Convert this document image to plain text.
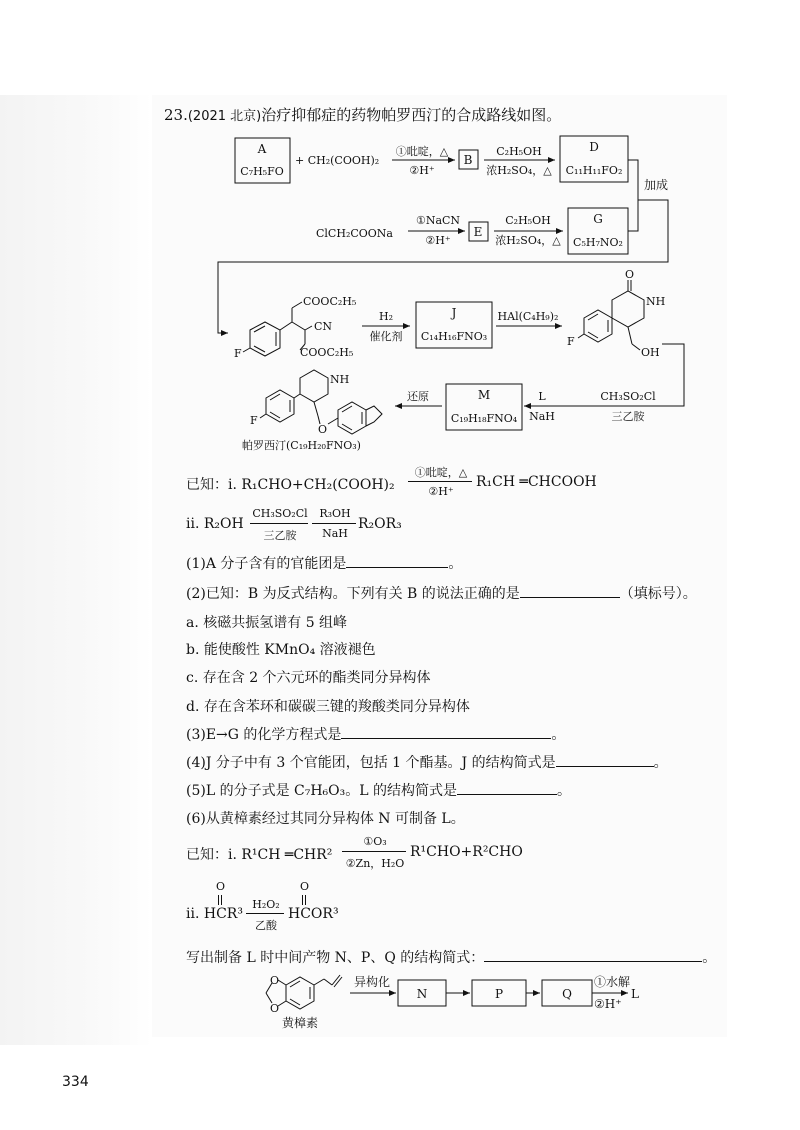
23.(2021 北京)治疗抑郁症的药物帕罗西汀的合成路线如图。
A
C₇H₅FO
+ CH₂(COOH)₂
①吡啶，△
②H⁺
B
C₂H₅OH
浓H₂SO₄，△
D
C₁₁H₁₁FO₂
加成
ClCH₂COONa
①NaCN
②H⁺
E
C₂H₅OH
浓H₂SO₄，△
G
C₅H₇NO₂
COOC₂H₅
CN
COOC₂H₅
F
H₂
催化剂
J
C₁₄H₁₆FNO₃
HAl(C₄H₉)₂
O
NH
OH
F
CH₃SO₂Cl
三乙胺
L
NaH
M
C₁₉H₁₈FNO₄
还原
NH
O
F
帕罗西汀(C₁₉H₂₀FNO₃)
已知：i. R₁CHO+CH₂(COOH)₂
①吡啶，△
②H⁺
R₁CH ═CHCOOH
ii. R₂OH
CH₃SO₂Cl
三乙胺
R₃OH
NaH
R₂OR₃
(1)A 分子含有的官能团是	。
(2)已知：B 为反式结构。下列有关 B 的说法正确的是	（填标号）。
a. 核磁共振氢谱有 5 组峰
b. 能使酸性 KMnO₄ 溶液褪色
c. 存在含 2 个六元环的酯类同分异构体
d. 存在含苯环和碳碳三键的羧酸类同分异构体
(3)E→G 的化学方程式是	。
(4)J 分子中有 3 个官能团，包括 1 个酯基。J 的结构简式是	。
(5)L 的分子式是 C₇H₆O₃。L 的结构简式是	。
(6)从黄樟素经过其同分异构体 N 可制备 L。
已知：i. R¹CH ═CHR²
①O₃
②Zn，H₂O
R¹CHO+R²CHO
O
ii. HCR³
H₂O₂
乙酸
HCOR³
O
写出制备 L 时中间产物 N、P、Q 的结构简式：	。
O
O
黄樟素
异构化
N	P	Q
①水解
②H⁺
L
334
